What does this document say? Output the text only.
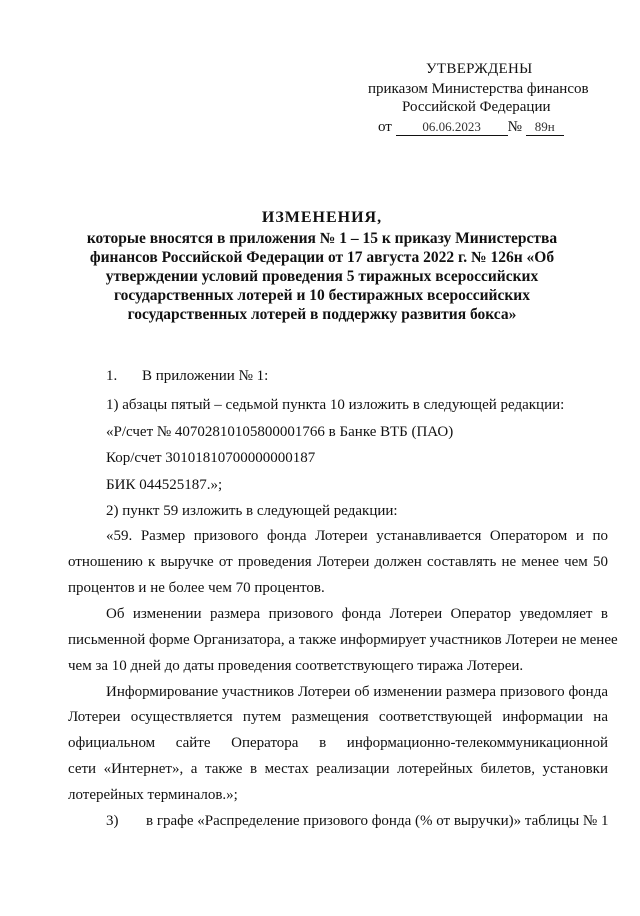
УТВЕРЖДЕНЫ
приказом Министерства финансов
Российской Федерации
от 06.06.2023 № 89н
ИЗМЕНЕНИЯ,
которые вносятся в приложения № 1 – 15 к приказу Министерства финансов Российской Федерации от 17 августа 2022 г. № 126н «Об утверждении условий проведения 5 тиражных всероссийских государственных лотерей и 10 бестиражных всероссийских государственных лотерей в поддержку развития бокса»
1. В приложении № 1:
1) абзацы пятый – седьмой пункта 10 изложить в следующей редакции:
«Р/счет № 40702810105800001766 в Банке ВТБ (ПАО)
Кор/счет 30101810700000000187
БИК 044525187.»;
2) пункт 59 изложить в следующей редакции:
«59. Размер призового фонда Лотереи устанавливается Оператором и по
отношению к выручке от проведения Лотереи должен составлять не менее чем 50
процентов и не более чем 70 процентов.
Об изменении размера призового фонда Лотереи Оператор уведомляет в
письменной форме Организатора, а также информирует участников Лотереи не менее
чем за 10 дней до даты проведения соответствующего тиража Лотереи.
Информирование участников Лотереи об изменении размера призового фонда
Лотереи осуществляется путем размещения соответствующей информации на
официальном сайте Оператора в информационно-телекоммуникационной
сети «Интернет», а также в местах реализации лотерейных билетов, установки
лотерейных терминалов.»;
3) в графе «Распределение призового фонда (% от выручки)» таблицы № 1
